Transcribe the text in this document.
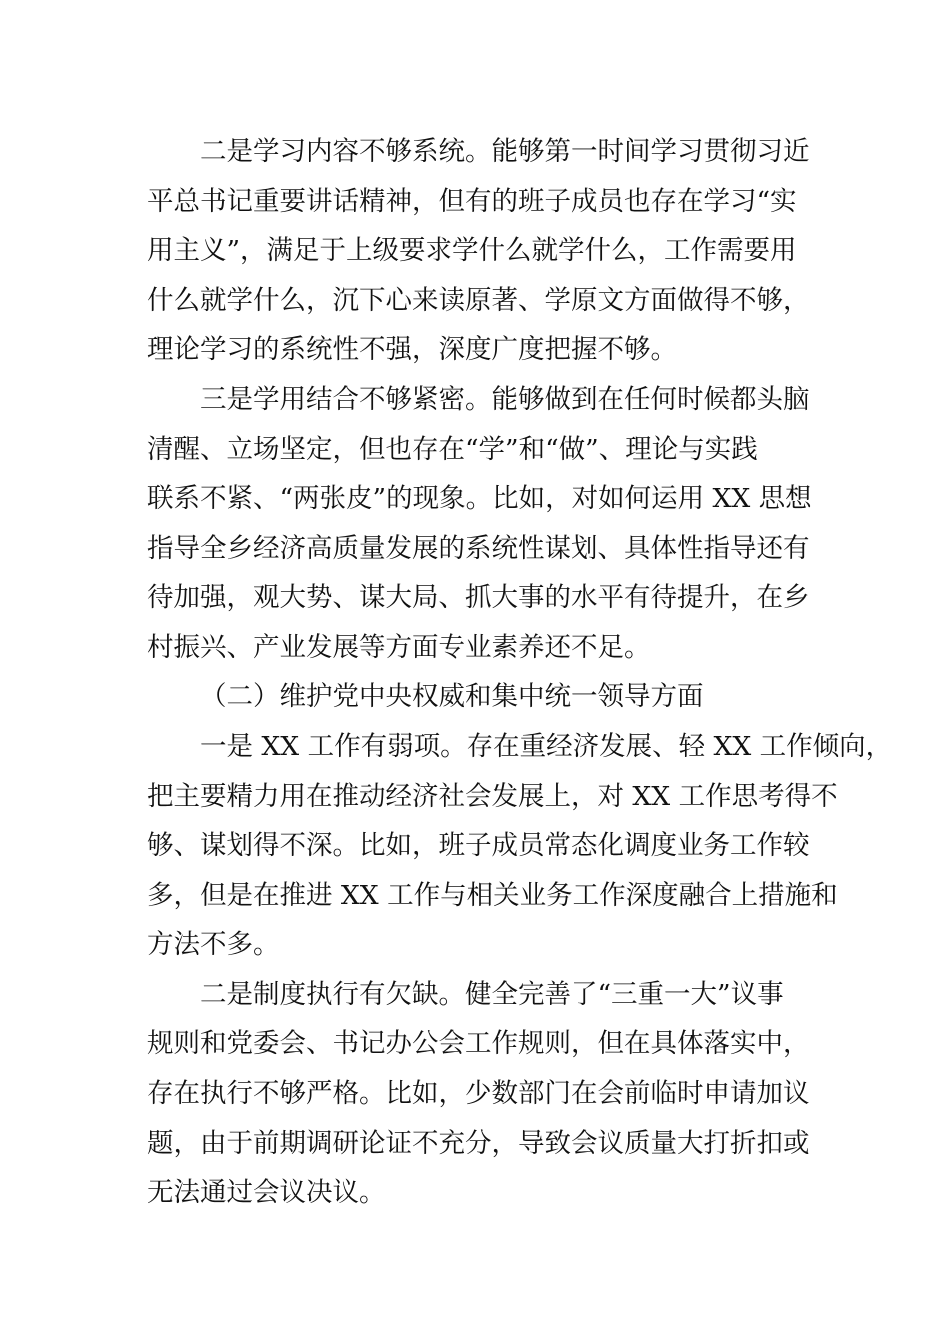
二是学习内容不够系统。能够第一时间学习贯彻习近

平总书记重要讲话精神，但有的班子成员也存在学习“实

用主义”，满足于上级要求学什么就学什么，工作需要用

什么就学什么，沉下心来读原著、学原文方面做得不够，

理论学习的系统性不强，深度广度把握不够。

三是学用结合不够紧密。能够做到在任何时候都头脑

清醒、立场坚定，但也存在“学”和“做”、理论与实践

联系不紧、“两张皮”的现象。比如，对如何运用 XX 思想

指导全乡经济高质量发展的系统性谋划、具体性指导还有

待加强，观大势、谋大局、抓大事的水平有待提升，在乡

村振兴、产业发展等方面专业素养还不足。

（二）维护党中央权威和集中统一领导方面

一是 XX 工作有弱项。存在重经济发展、轻 XX 工作倾向，

把主要精力用在推动经济社会发展上，对 XX 工作思考得不

够、谋划得不深。比如，班子成员常态化调度业务工作较

多，但是在推进 XX 工作与相关业务工作深度融合上措施和

方法不多。

二是制度执行有欠缺。健全完善了“三重一大”议事

规则和党委会、书记办公会工作规则，但在具体落实中，

存在执行不够严格。比如，少数部门在会前临时申请加议

题，由于前期调研论证不充分，导致会议质量大打折扣或

无法通过会议决议。
